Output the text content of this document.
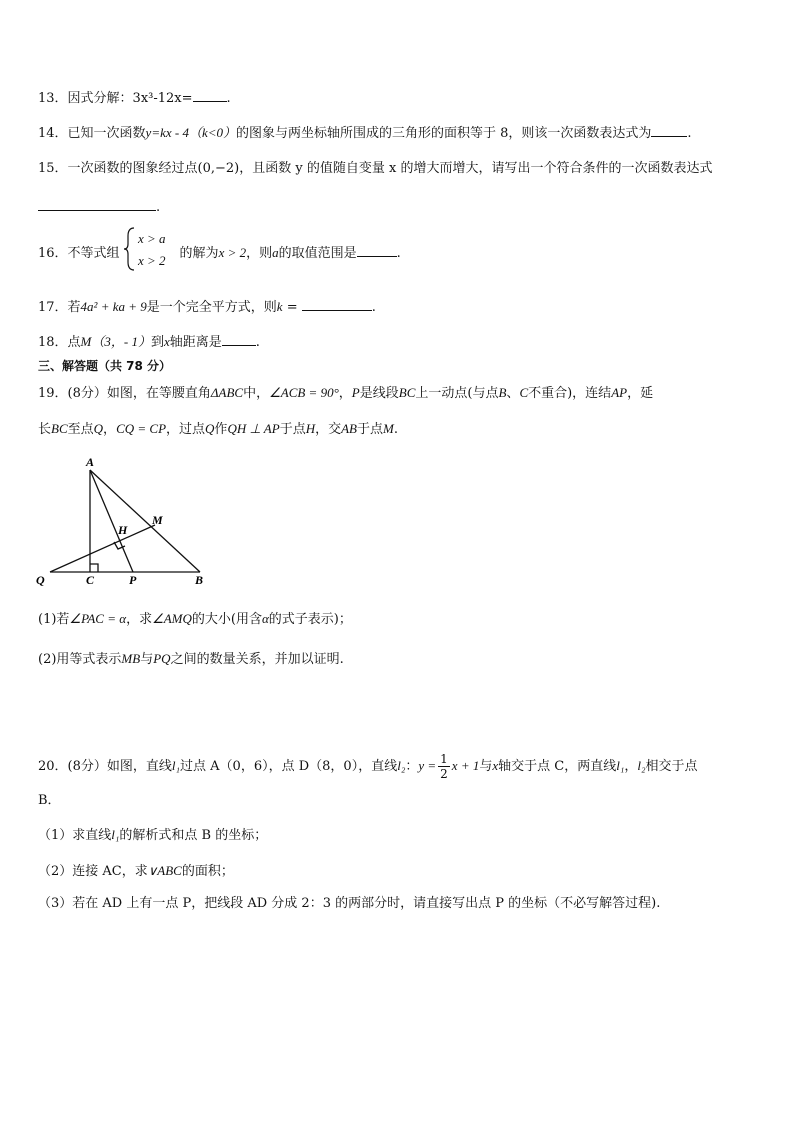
13．因式分解：3x³-12x=	.
14．已知一次函数y=kx - 4（k<0）的图象与两坐标轴所围成的三角形的面积等于 8，则该一次函数表达式为	.
15．一次函数的图象经过点(0,−2)，且函数 y 的值随自变量 x 的增大而增大，请写出一个符合条件的一次函数表达式
.
16．不等式组	的解为x > 2，则a的取值范围是	.
x > a
x > 2
17．若4a² + ka + 9是一个完全平方式，则k =	.
18．点M（3，- 1）到x轴距离是	.
三、解答题（共 78 分）
19．(8分）如图，在等腰直角ΔABC中，∠ACB = 90°，P是线段BC上一动点(与点B、C不重合)，连结AP，延
长BC至点Q，CQ = CP，过点Q作QH ⊥ AP于点H，交AB于点M.
A
H
M
Q	C	P	B
(1)若∠PAC = α，求∠AMQ的大小(用含α的式子表示)；
(2)用等式表示MB与PQ之间的数量关系，并加以证明.
20．(8分）如图，直线l₁过点 A（0，6），点 D（8，0），直线l₂：$y = \frac{1}{2}$ x + 1与x轴交于点 C，两直线l₁，l₂相交于点
B．
（1）求直线l₁的解析式和点 B 的坐标；
（2）连接 AC，求∨ABC的面积；
（3）若在 AD 上有一点 P，把线段 AD 分成 2：3 的两部分时，请直接写出点 P 的坐标（不必写解答过程).
